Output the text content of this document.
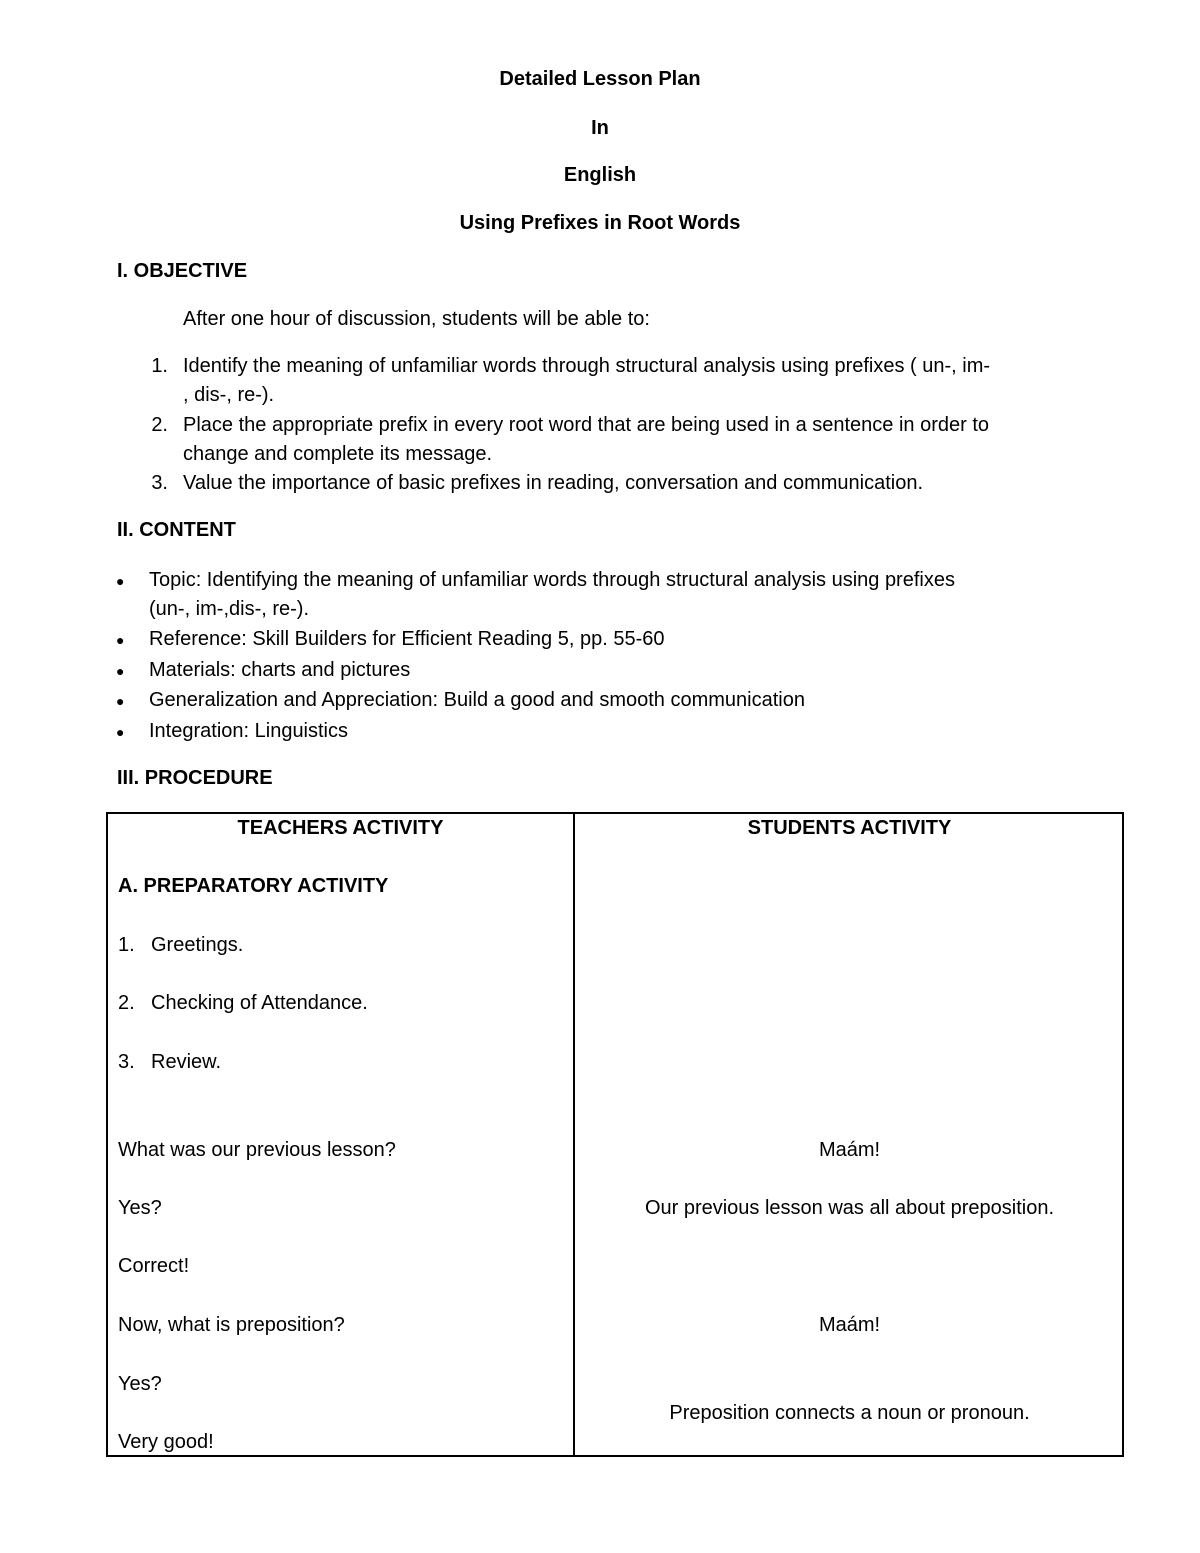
Detailed Lesson Plan
In
English
Using Prefixes in Root Words
I. OBJECTIVE
After one hour of discussion, students will be able to:
1. Identify the meaning of unfamiliar words through structural analysis using prefixes ( un-, im-
, dis-, re-).
2. Place the appropriate prefix in every root word that are being used in a sentence in order to
change and complete its message.
3. Value the importance of basic prefixes in reading, conversation and communication.
II. CONTENT
● Topic: Identifying the meaning of unfamiliar words through structural analysis using prefixes
(un-, im-,dis-, re-).
● Reference: Skill Builders for Efficient Reading 5, pp. 55-60
● Materials: charts and pictures
● Generalization and Appreciation: Build a good and smooth communication
● Integration: Linguistics
III. PROCEDURE
TEACHERS ACTIVITY	STUDENTS ACTIVITY
A. PREPARATORY ACTIVITY
1. Greetings.
2. Checking of Attendance.
3. Review.
What was our previous lesson?
Yes?
Correct!
Now, what is preposition?
Yes?
Very good!
Maám!
Our previous lesson was all about preposition.
Maám!
Preposition connects a noun or pronoun.
